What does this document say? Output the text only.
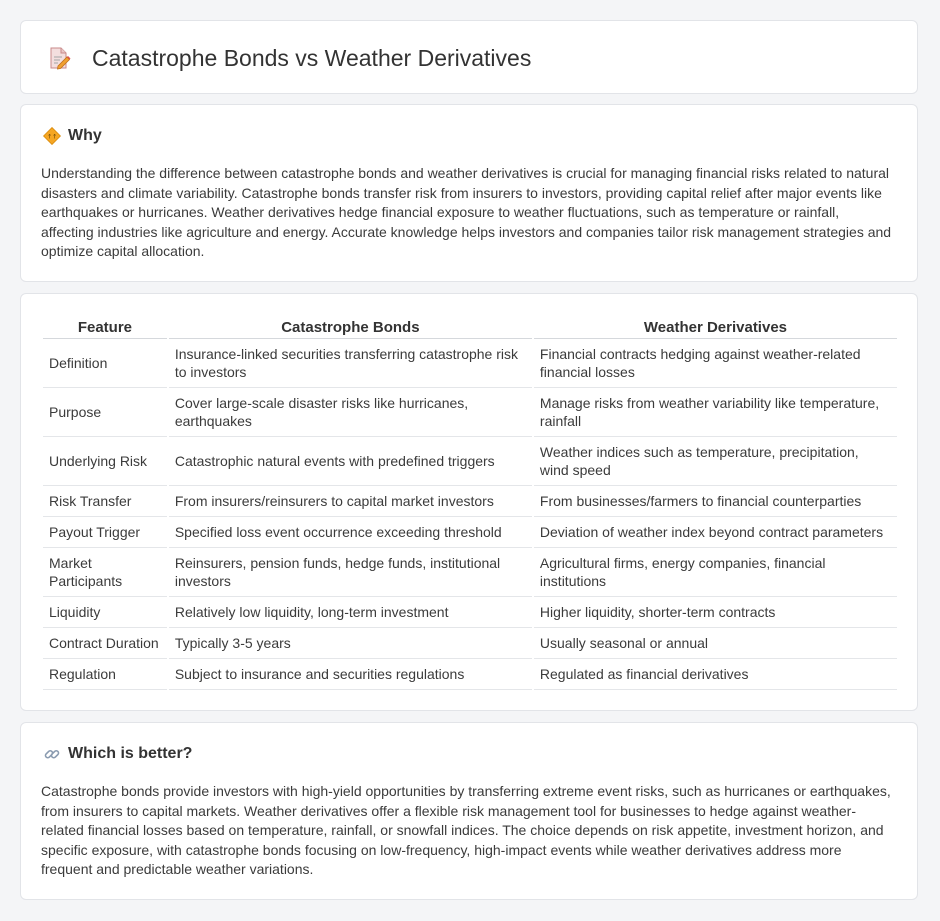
Catastrophe Bonds vs Weather Derivatives
↑↑ Why

Understanding the difference between catastrophe bonds and weather derivatives is crucial for managing financial risks related to natural disasters and climate variability. Catastrophe bonds transfer risk from insurers to investors, providing capital relief after major events like earthquakes or hurricanes. Weather derivatives hedge financial exposure to weather fluctuations, such as temperature or rainfall, affecting industries like agriculture and energy. Accurate knowledge helps investors and companies tailor risk management strategies and optimize capital allocation.

Feature	Catastrophe Bonds	Weather Derivatives
Definition	Insurance-linked securities transferring catastrophe risk to investors	Financial contracts hedging against weather-related financial losses
Purpose	Cover large-scale disaster risks like hurricanes, earthquakes	Manage risks from weather variability like temperature, rainfall
Underlying Risk	Catastrophic natural events with predefined triggers	Weather indices such as temperature, precipitation, wind speed
Risk Transfer	From insurers/reinsurers to capital market investors	From businesses/farmers to financial counterparties
Payout Trigger	Specified loss event occurrence exceeding threshold	Deviation of weather index beyond contract parameters
Market Participants	Reinsurers, pension funds, hedge funds, institutional investors	Agricultural firms, energy companies, financial institutions
Liquidity	Relatively low liquidity, long-term investment	Higher liquidity, shorter-term contracts
Contract Duration	Typically 3-5 years	Usually seasonal or annual
Regulation	Subject to insurance and securities regulations	Regulated as financial derivatives
Which is better?

Catastrophe bonds provide investors with high-yield opportunities by transferring extreme event risks, such as hurricanes or earthquakes, from insurers to capital markets. Weather derivatives offer a flexible risk management tool for businesses to hedge against weather-related financial losses based on temperature, rainfall, or snowfall indices. The choice depends on risk appetite, investment horizon, and specific exposure, with catastrophe bonds focusing on low-frequency, high-impact events while weather derivatives address more frequent and predictable weather variations.
